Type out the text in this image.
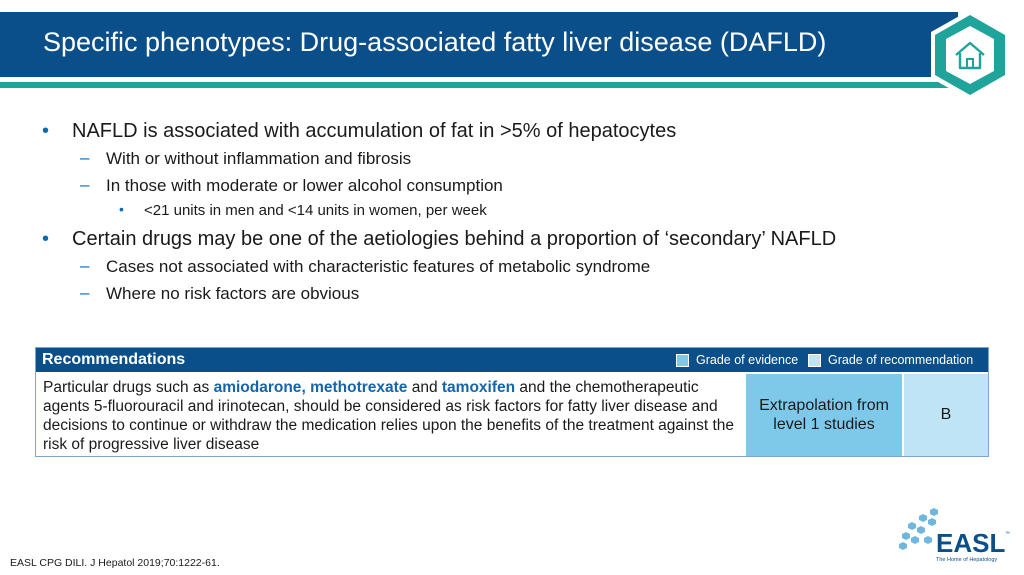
Specific phenotypes: Drug-associated fatty liver disease (DAFLD)
• NAFLD is associated with accumulation of fat in >5% of hepatocytes
– With or without inflammation and fibrosis
– In those with moderate or lower alcohol consumption
• <21 units in men and <14 units in women, per week
• Certain drugs may be one of the aetiologies behind a proportion of ‘secondary’ NAFLD
– Cases not associated with characteristic features of metabolic syndrome
– Where no risk factors are obvious
Recommendations	Grade of evidence Grade of recommendation
Particular drugs such as amiodarone, methotrexate and tamoxifen and the chemotherapeutic agents 5-fluorouracil and irinotecan, should be considered as risk factors for fatty liver disease and decisions to continue or withdraw the medication relies upon the benefits of the treatment against the risk of progressive liver disease
Extrapolation from level 1 studies
B
EASL CPG DILI. J Hepatol 2019;70:1222-61.
EASL ™
The Home of Hepatology
